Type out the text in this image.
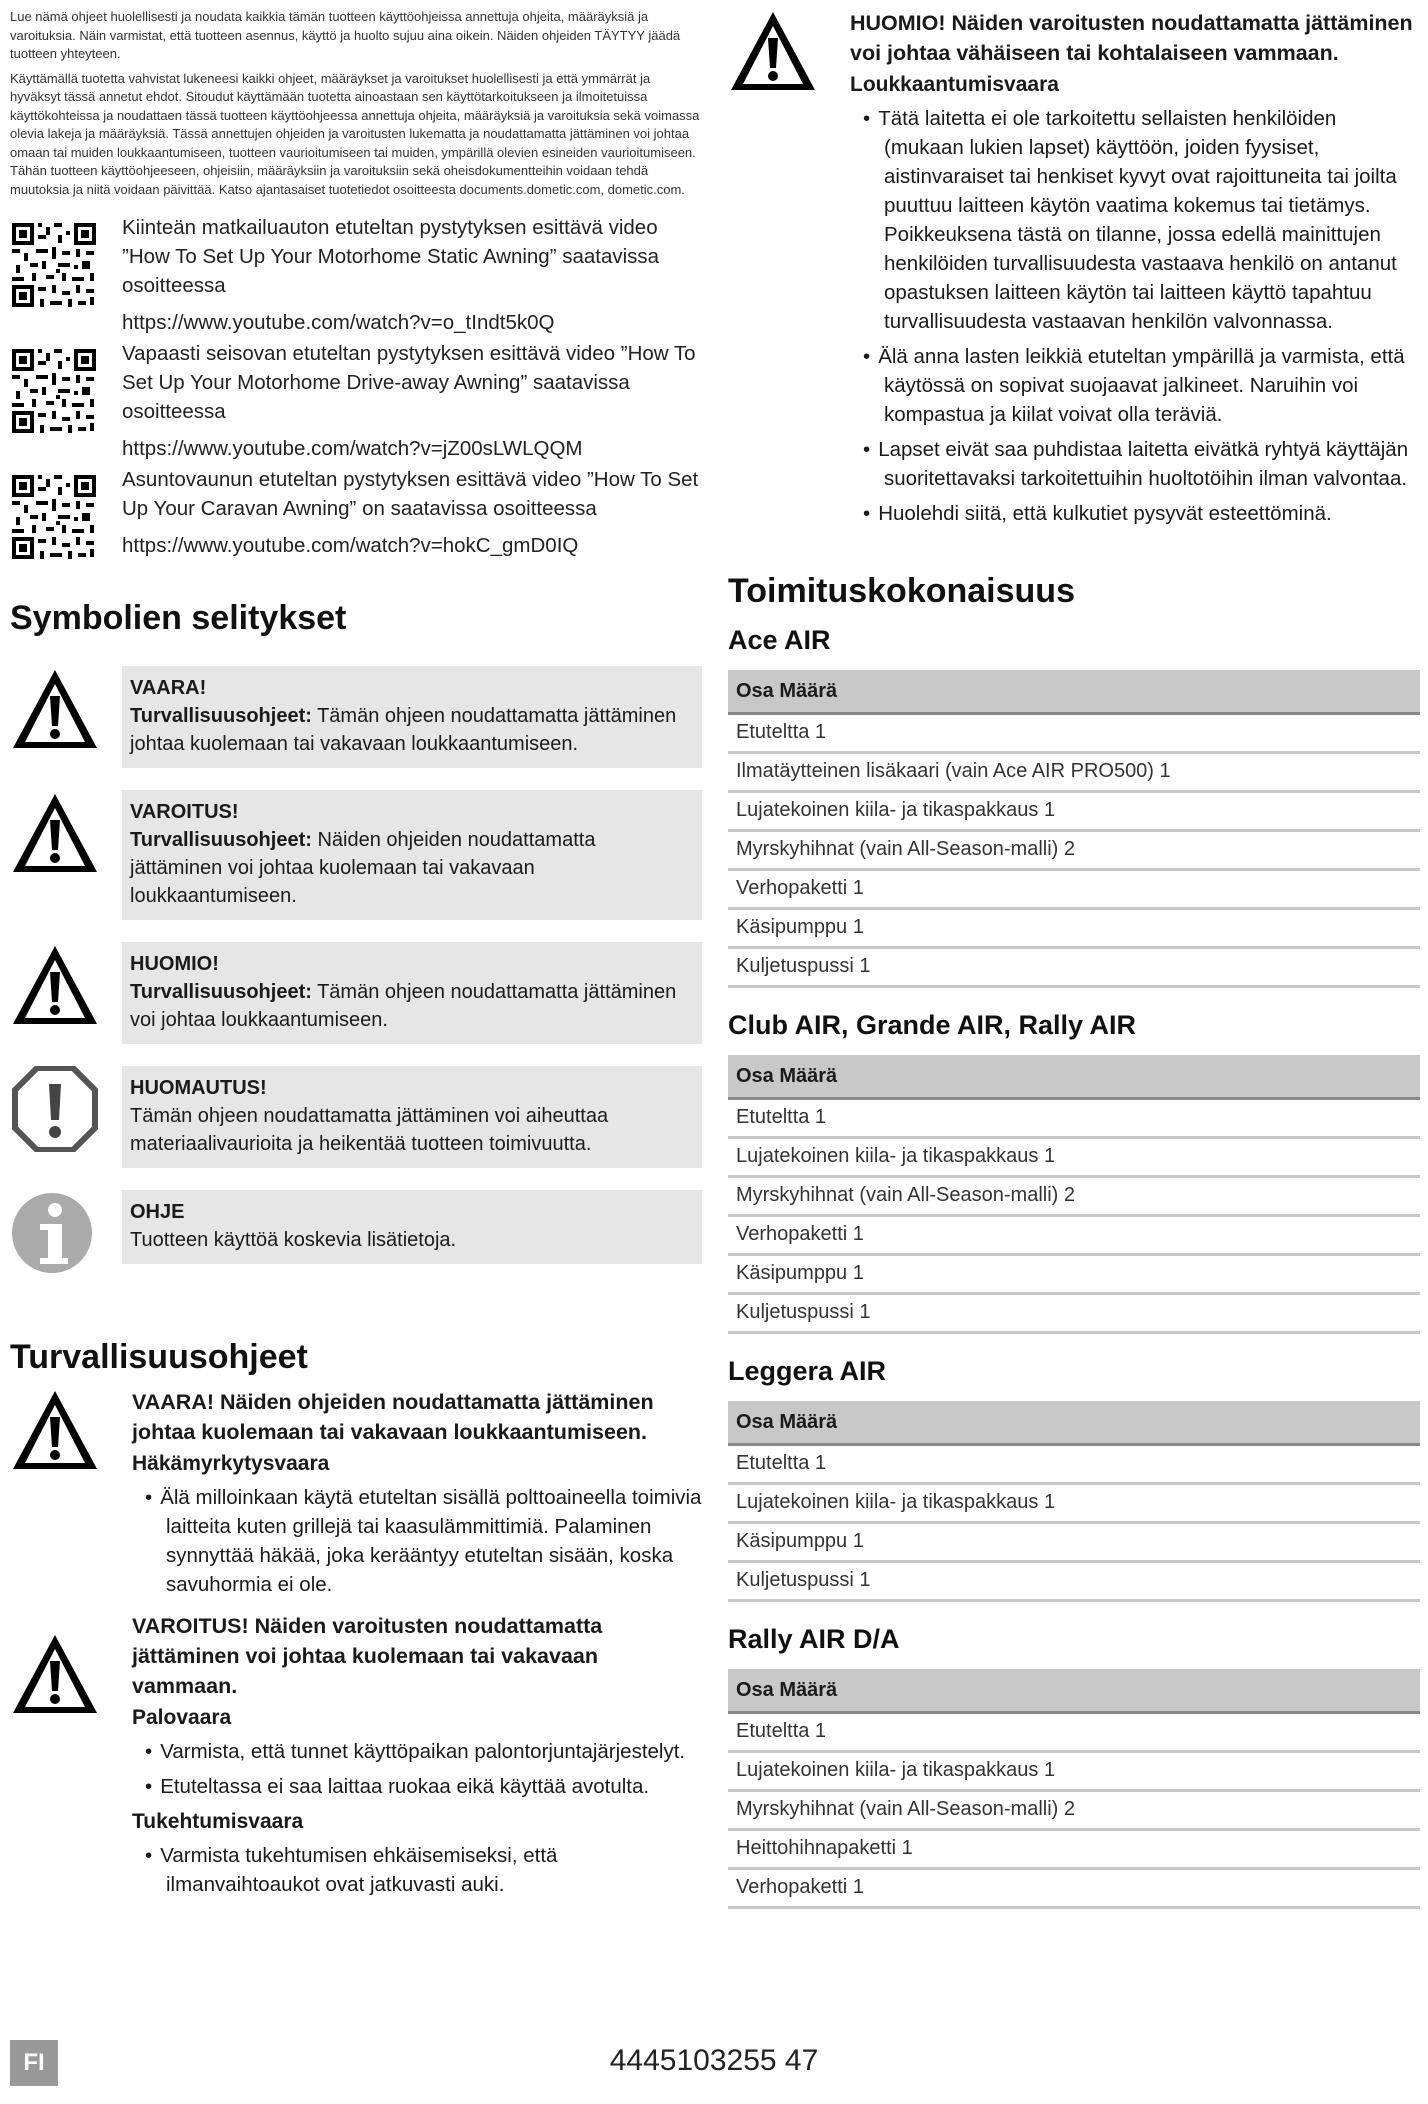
Lue nämä ohjeet huolellisesti ja noudata kaikkia tämän tuotteen käyttöohjeissa annettuja ohjeita, määräyksiä ja varoituksia. Näin varmistat, että tuotteen asennus, käyttö ja huolto sujuu aina oikein. Näiden ohjeiden TÄYTYY jäädä tuotteen yhteyteen.

Käyttämällä tuotetta vahvistat lukeneesi kaikki ohjeet, määräykset ja varoitukset huolellisesti ja että ymmärrät ja hyväksyt tässä annetut ehdot. Sitoudut käyttämään tuotetta ainoastaan sen käyttötarkoitukseen ja ilmoitetuissa käyttökohteissa ja noudattaen tässä tuotteen käyttöohjeessa annettuja ohjeita, määräyksiä ja varoituksia sekä voimassa olevia lakeja ja määräyksiä. Tässä annettujen ohjeiden ja varoitusten lukematta ja noudattamatta jättäminen voi johtaa omaan tai muiden loukkaantumiseen, tuotteen vaurioitumiseen tai muiden, ympärillä olevien esineiden vaurioitumiseen. Tähän tuotteen käyttöohjeeseen, ohjeisiin, määräyksiin ja varoituksiin sekä oheisdokumentteihin voidaan tehdä muutoksia ja niitä voidaan päivittää. Katso ajantasaiset tuotetiedot osoitteesta documents.dometic.com, dometic.com.

Kiinteän matkailuauton etuteltan pystytyksen esittävä video ”How To Set Up Your Motorhome Static Awning” saatavissa osoitteessa
https://www.youtube.com/watch?v=o_tIndt5k0Q
Vapaasti seisovan etuteltan pystytyksen esittävä video ”How To Set Up Your Motorhome Drive-away Awning” saatavissa osoitteessa
https://www.youtube.com/watch?v=jZ00sLWLQQM
Asuntovaunun etuteltan pystytyksen esittävä video ”How To Set Up Your Caravan Awning” on saatavissa osoitteessa
https://www.youtube.com/watch?v=hokC_gmD0IQ
Symbolien selitykset
VAARA!
Turvallisuusohjeet: Tämän ohjeen noudattamatta jättäminen johtaa kuolemaan tai vakavaan loukkaantumiseen.
VAROITUS!
Turvallisuusohjeet: Näiden ohjeiden noudattamatta jättäminen voi johtaa kuolemaan tai vakavaan loukkaantumiseen.
HUOMIO!
Turvallisuusohjeet: Tämän ohjeen noudattamatta jättäminen voi johtaa loukkaantumiseen.
HUOMAUTUS!
Tämän ohjeen noudattamatta jättäminen voi aiheuttaa materiaalivaurioita ja heikentää tuotteen toimivuutta.
OHJE
Tuotteen käyttöä koskevia lisätietoja.
Turvallisuusohjeet
VAARA! Näiden ohjeiden noudattamatta jättäminen johtaa kuolemaan tai vakavaan loukkaantumiseen.
Häkämyrkytysvaara
• Älä milloinkaan käytä etuteltan sisällä polttoaineella toimivia laitteita kuten grillejä tai kaasulämmittimiä. Palaminen synnyttää häkää, joka kerääntyy etuteltan sisään, koska savuhormia ei ole.
VAROITUS! Näiden varoitusten noudattamatta jättäminen voi johtaa kuolemaan tai vakavaan vammaan.
Palovaara
• Varmista, että tunnet käyttöpaikan palontorjuntajärjestelyt.
• Etuteltassa ei saa laittaa ruokaa eikä käyttää avotulta.
Tukehtumisvaara
• Varmista tukehtumisen ehkäisemiseksi, että ilmanvaihtoaukot ovat jatkuvasti auki.
HUOMIO! Näiden varoitusten noudattamatta jättäminen voi johtaa vähäiseen tai kohtalaiseen vammaan.
Loukkaantumisvaara
• Tätä laitetta ei ole tarkoitettu sellaisten henkilöiden (mukaan lukien lapset) käyttöön, joiden fyysiset, aistinvaraiset tai henkiset kyvyt ovat rajoittuneita tai joilta puuttuu laitteen käytön vaatima kokemus tai tietämys. Poikkeuksena tästä on tilanne, jossa edellä mainittujen henkilöiden turvallisuudesta vastaava henkilö on antanut opastuksen laitteen käytön tai laitteen käyttö tapahtuu turvallisuudesta vastaavan henkilön valvonnassa.
• Älä anna lasten leikkiä etuteltan ympärillä ja varmista, että käytössä on sopivat suojaavat jalkineet. Naruihin voi kompastua ja kiilat voivat olla teräviä.
• Lapset eivät saa puhdistaa laitetta eivätkä ryhtyä käyttäjän suoritettavaksi tarkoitettuihin huoltotöihin ilman valvontaa.
• Huolehdi siitä, että kulkutiet pysyvät esteettöminä.
Toimituskokonaisuus
Ace AIR
Osa Määrä
Etuteltta 1
Ilmatäytteinen lisäkaari (vain Ace AIR PRO500) 1
Lujatekoinen kiila- ja tikaspakkaus 1
Myrskyhihnat (vain All-Season-malli) 2
Verhopaketti 1
Käsipumppu 1
Kuljetuspussi 1
Club AIR, Grande AIR, Rally AIR
Osa Määrä
Etuteltta 1
Lujatekoinen kiila- ja tikaspakkaus 1
Myrskyhihnat (vain All-Season-malli) 2
Verhopaketti 1
Käsipumppu 1
Kuljetuspussi 1
Leggera AIR
Osa Määrä
Etuteltta 1
Lujatekoinen kiila- ja tikaspakkaus 1
Käsipumppu 1
Kuljetuspussi 1
Rally AIR D/A
Osa Määrä
Etuteltta 1
Lujatekoinen kiila- ja tikaspakkaus 1
Myrskyhihnat (vain All-Season-malli) 2
Heittohihnapaketti 1
Verhopaketti 1
FI	4445103255 47
